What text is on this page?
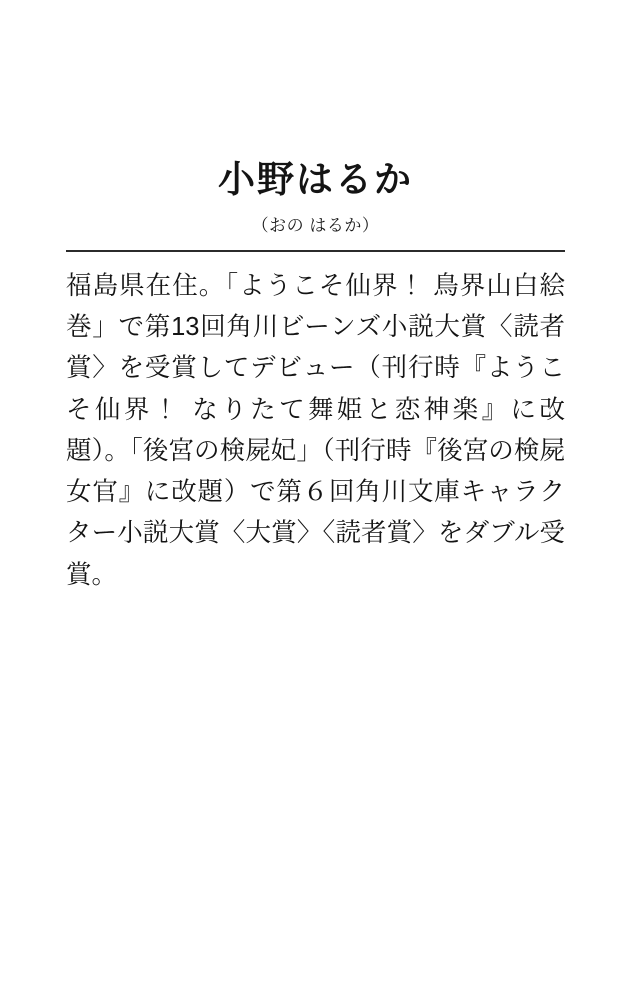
小野はるか
（おの はるか）

福島県在住。「ようこそ仙界！ 鳥界山白絵巻」で第13回角川ビーンズ小説大賞〈読者賞〉を受賞してデビュー（刊行時『ようこそ仙界！ なりたて舞姫と恋神楽』に改題）。「後宮の検屍妃」（刊行時『後宮の検屍女官』に改題）で第６回角川文庫キャラクター小説大賞〈大賞〉〈読者賞〉をダブル受賞。
